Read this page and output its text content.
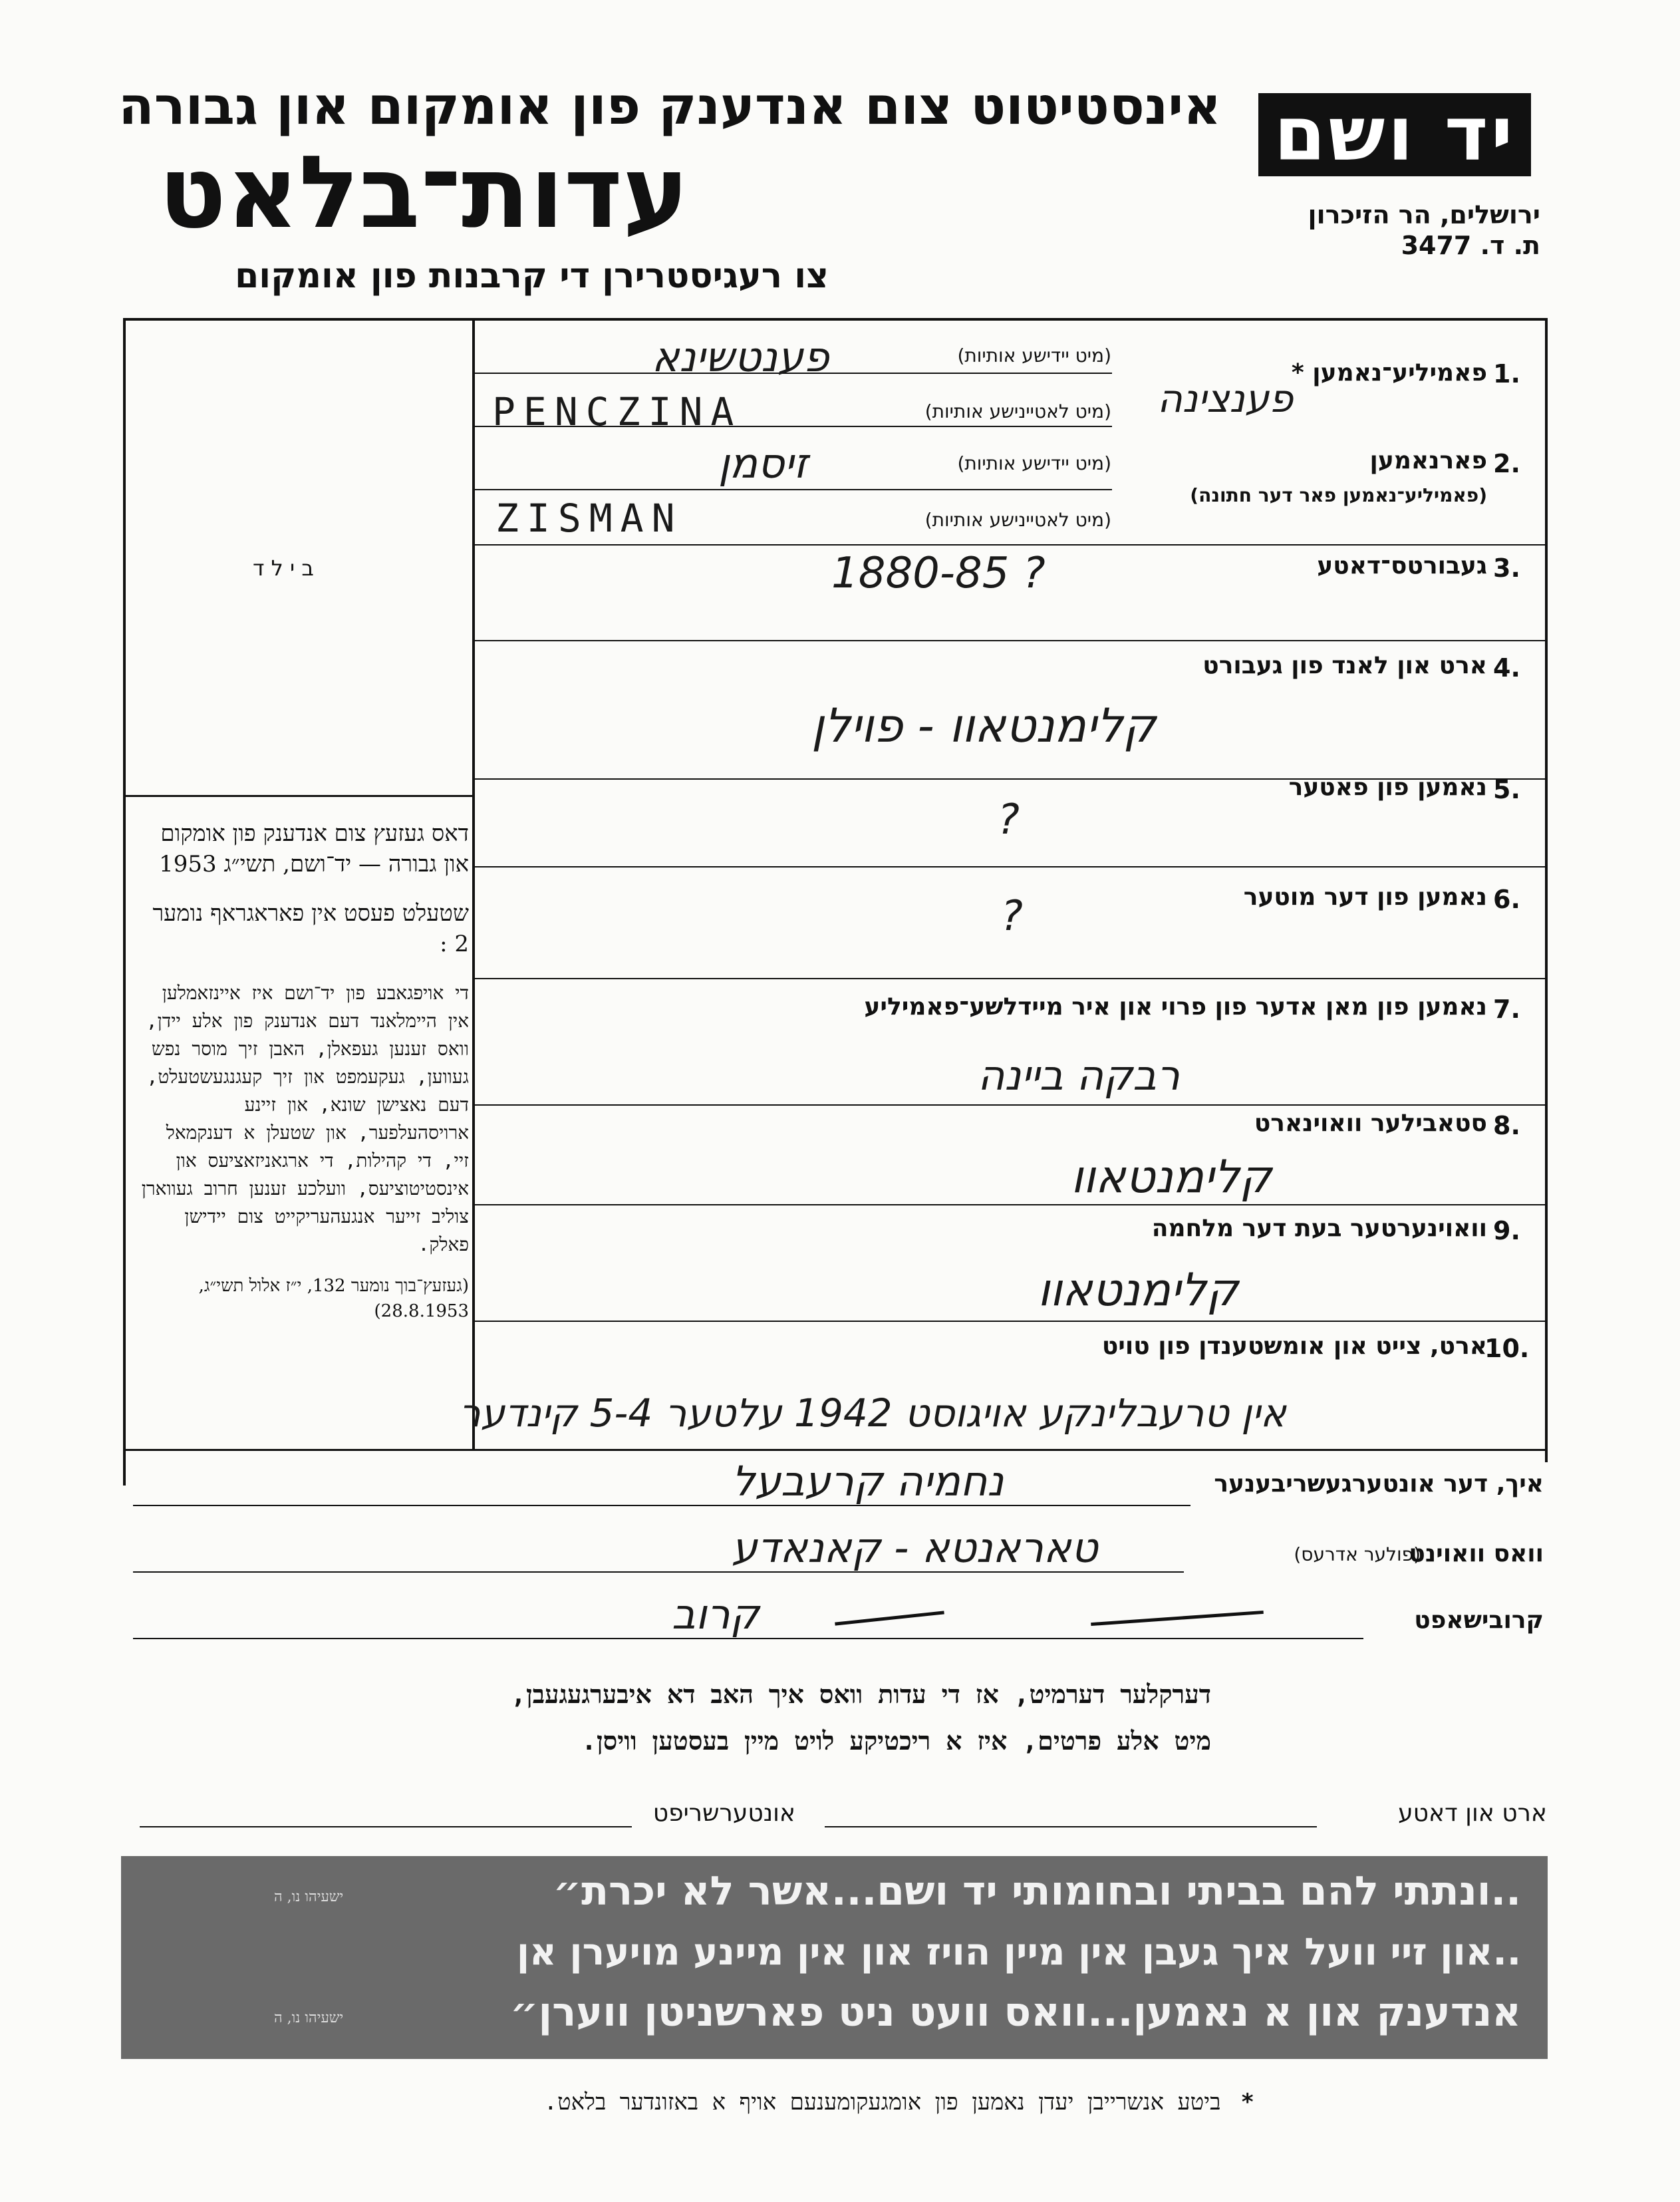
יד ושם
אינסטיטוט צום אנדענק פון אומקום און גבורה
עדות־בלאט	ירושלים, הר הזיכרון
ת. ד. 3477
צו רעגיסטרירן די קרבנות פון אומקום
ב י ל ד
דאס געזעץ צום אנדענק פון אומקום און גבורה — יד־ושם, תשי״ג 1953
שטעלט פעסט אין פאראגראף נומער 2 :
די אויפגאבע פון יד־ושם איז איינזאמלען אין היימלאנד דעם אנדענק פון אלע יידן, וואס זענען געפאלן, האבן זיך מוסר נפש געווען, געקעמפט און זיך קעגנגעשטעלט, דעם נאצישן שונא, און זיינע ארויסהעלפער, און שטעלן א דענקמאל זיי, די קהילות, די ארגאניזאציעס און אינסטיטוציעס, וועלכע זענען חרוב געווארן צוליב זייער אנגעהעריקייט צום יידישן פאלק.
(געזעץ־בוך נומער 132, י״ז אלול תשי״ג, 28.8.1953)
1.
פאמיליע־נאמען *
(מיט יידישע אותיות)
(מיט לאטיינישע אותיות)
פענטשינא
PENCZINA	פענצינה
2.
פארנאמען
(פאמיליע־נאמען פאר דער חתונה)
(מיט יידישע אותיות)
(מיט לאטיינישע אותיות)
זיסמן
ZISMAN
3.
געבורטס־דאטע
1880-85 ?
4.
ארט און לאנד פון געבורט
קלימנטאוו - פוילן
5.
נאמען פון פאטער
?
6.
נאמען פון דער מוטער
?
7.
נאמען פון מאן אדער פון פרוי און איר מיידלשע־פאמיליע
רבקה ביינה
8.
סטאבילער וואוינארט
קלימנטאוו
9.
וואוינערטער בעת דער מלחמה
קלימנטאוו
10.
ארט, צייט און אומשטענדן פון טויט
אין טרעבלינקע אויגוסט 1942 עלטער 5-4 קינדער
איך, דער אונטערגעשריבענער
נחמיה קרעבעל
וואס וואוינט
(פולער אדרעס)
טאראנטא - קאנאדע
קרובישאפט
קרוב
דערקלער דערמיט, אז די עדות וואס איך האב דא איבערגעגעבן,
מיט אלע פרטים, איז א ריכטיקע לויט מיין בעסטען וויסן.
ארט און דאטע
אונטערשריפט
..ונתתי להם בביתי ובחומותי יד ושם...אשר לא יכרת״
ישעיהו נו, ה
..און זיי וועל איך געבן אין מיין הויז און אין מיינע מויערן אן
אנדענק און א נאמען...וואס וועט ניט פארשניטן ווערן״
ישעיהו נו, ה
*ביטע אנשרייבן יעדן נאמען פון אומגעקומענעם אויף א באזונדער בלאט.
